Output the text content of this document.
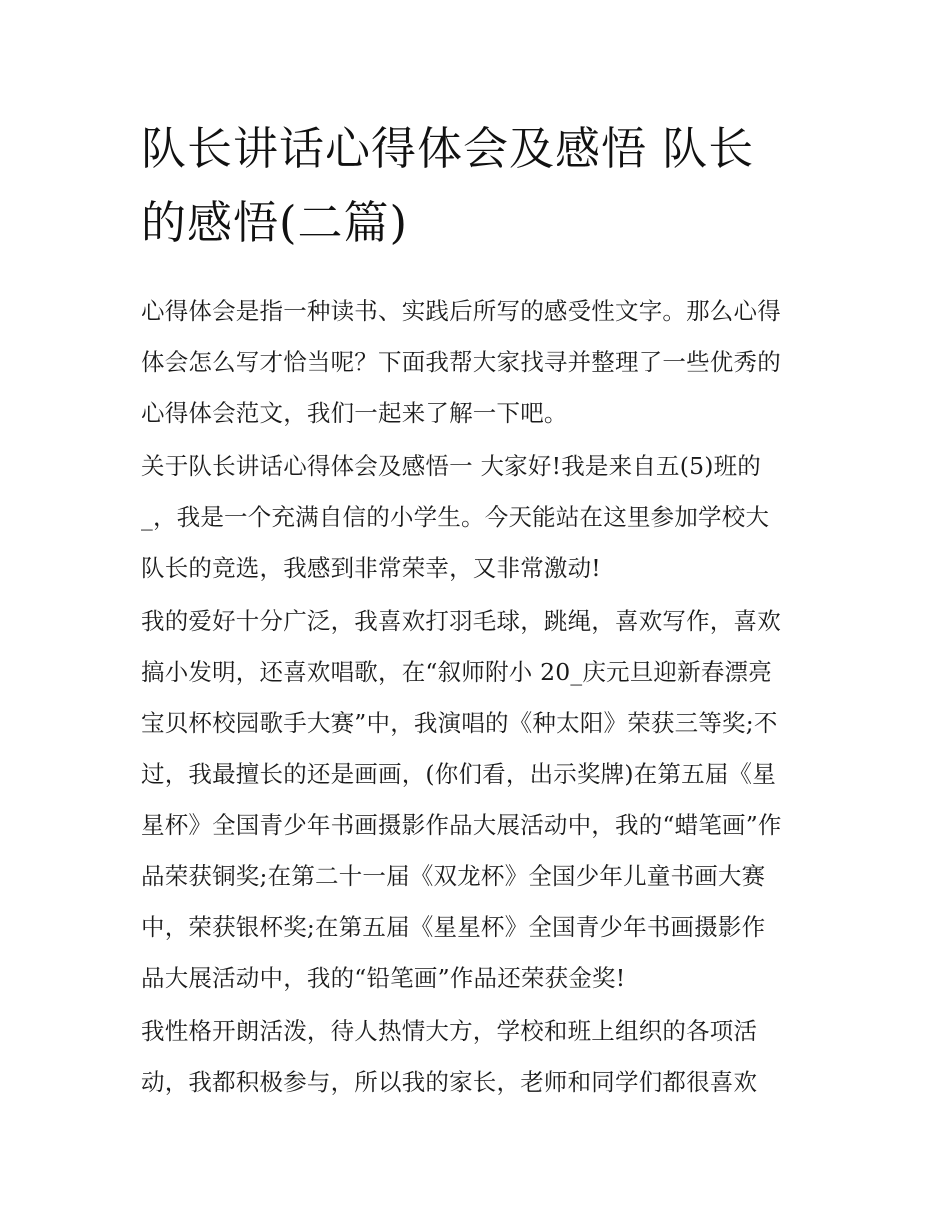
队长讲话心得体会及感悟 队长
的感悟(二篇)
心得体会是指一种读书、实践后所写的感受性文字。那么心得
体会怎么写才恰当呢？下面我帮大家找寻并整理了一些优秀的
心得体会范文，我们一起来了解一下吧。
关于队长讲话心得体会及感悟一 大家好!我是来自五(5)班的
_，我是一个充满自信的小学生。今天能站在这里参加学校大
队长的竞选，我感到非常荣幸，又非常激动!
我的爱好十分广泛，我喜欢打羽毛球，跳绳，喜欢写作，喜欢
搞小发明，还喜欢唱歌，在“叙师附小 20_庆元旦迎新春漂亮
宝贝杯校园歌手大赛”中，我演唱的《种太阳》荣获三等奖;不
过，我最擅长的还是画画，(你们看，出示奖牌)在第五届《星
星杯》全国青少年书画摄影作品大展活动中，我的“蜡笔画”作
品荣获铜奖;在第二十一届《双龙杯》全国少年儿童书画大赛
中，荣获银杯奖;在第五届《星星杯》全国青少年书画摄影作
品大展活动中，我的“铅笔画”作品还荣获金奖!
我性格开朗活泼，待人热情大方，学校和班上组织的各项活
动，我都积极参与，所以我的家长，老师和同学们都很喜欢
